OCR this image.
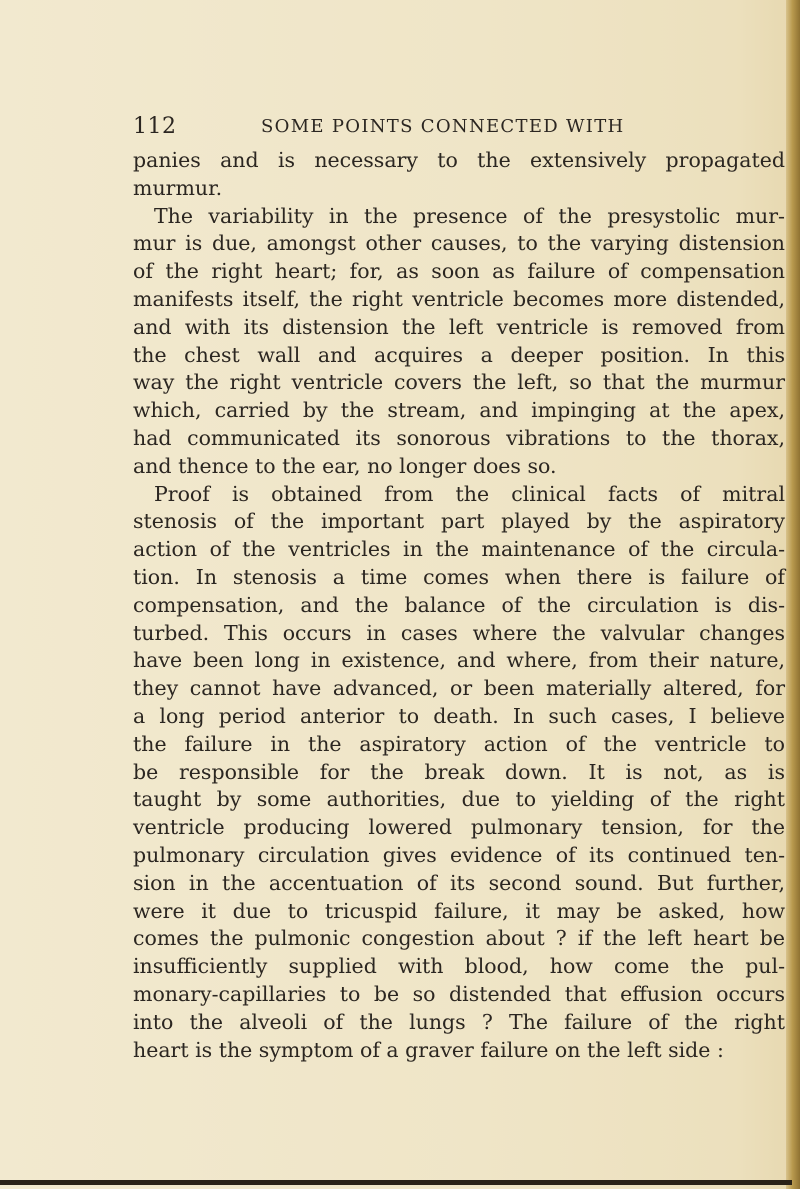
112	SOME POINTS CONNECTED WITH
panies and is necessary to the extensively propagated
murmur.
The variability in the presence of the presystolic mur-
mur is due, amongst other causes, to the varying distension
of the right heart; for, as soon as failure of compensation
manifests itself, the right ventricle becomes more distended,
and with its distension the left ventricle is removed from
the chest wall and acquires a deeper position. In this
way the right ventricle covers the left, so that the murmur
which, carried by the stream, and impinging at the apex,
had communicated its sonorous vibrations to the thorax,
and thence to the ear, no longer does so.
Proof is obtained from the clinical facts of mitral
stenosis of the important part played by the aspiratory
action of the ventricles in the maintenance of the circula-
tion. In stenosis a time comes when there is failure of
compensation, and the balance of the circulation is dis-
turbed. This occurs in cases where the valvular changes
have been long in existence, and where, from their nature,
they cannot have advanced, or been materially altered, for
a long period anterior to death. In such cases, I believe
the failure in the aspiratory action of the ventricle to
be responsible for the break down. It is not, as is
taught by some authorities, due to yielding of the right
ventricle producing lowered pulmonary tension, for the
pulmonary circulation gives evidence of its continued ten-
sion in the accentuation of its second sound. But further,
were it due to tricuspid failure, it may be asked, how
comes the pulmonic congestion about ? if the left heart be
insufficiently supplied with blood, how come the pul-
monary-capillaries to be so distended that effusion occurs
into the alveoli of the lungs ? The failure of the right
heart is the symptom of a graver failure on the left side :
